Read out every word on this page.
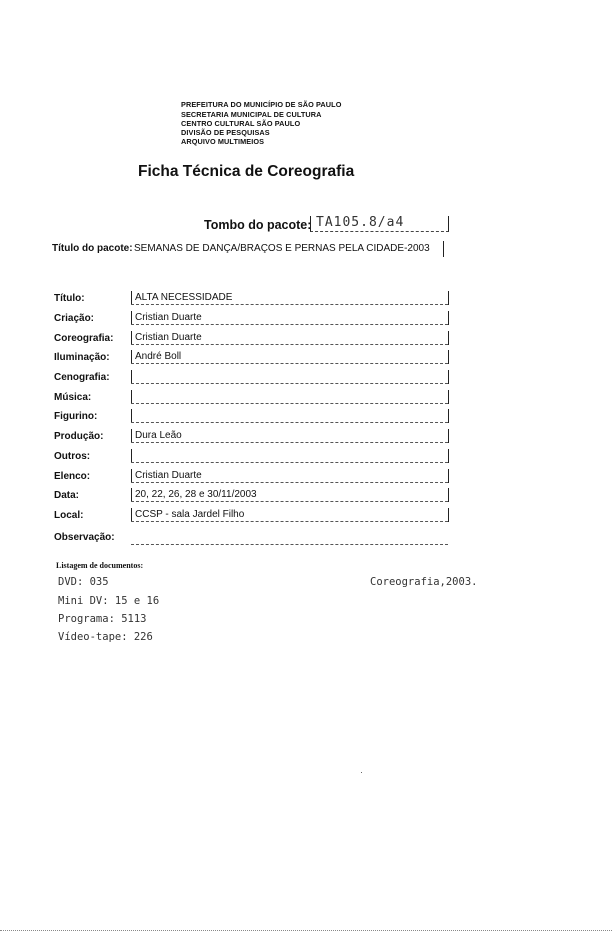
PREFEITURA DO MUNICÍPIO DE SÃO PAULO
SECRETARIA MUNICIPAL DE CULTURA
CENTRO CULTURAL SÃO PAULO
DIVISÃO DE PESQUISAS
ARQUIVO MULTIMEIOS
Ficha Técnica de Coreografia
Tombo do pacote: TA105.8/a4
Título do pacote: SEMANAS DE DANÇA/BRAÇOS E PERNAS PELA CIDADE-2003
Título:	ALTA NECESSIDADE
Criação:	Cristian Duarte
Coreografia: Cristian Duarte
Iluminação:	André Boll
Cenografia:
Música:
Figurino:
Produção:	Dura Leão
Outros:
Elenco:	Cristian Duarte
Data:	20, 22, 26, 28 e 30/11/2003
Local:	CCSP - sala Jardel Filho
Observação:
Listagem de documentos:
DVD: 035
Mini DV: 15 e 16
Programa: 5113
Vídeo-tape: 226
Coreografia,2003.
